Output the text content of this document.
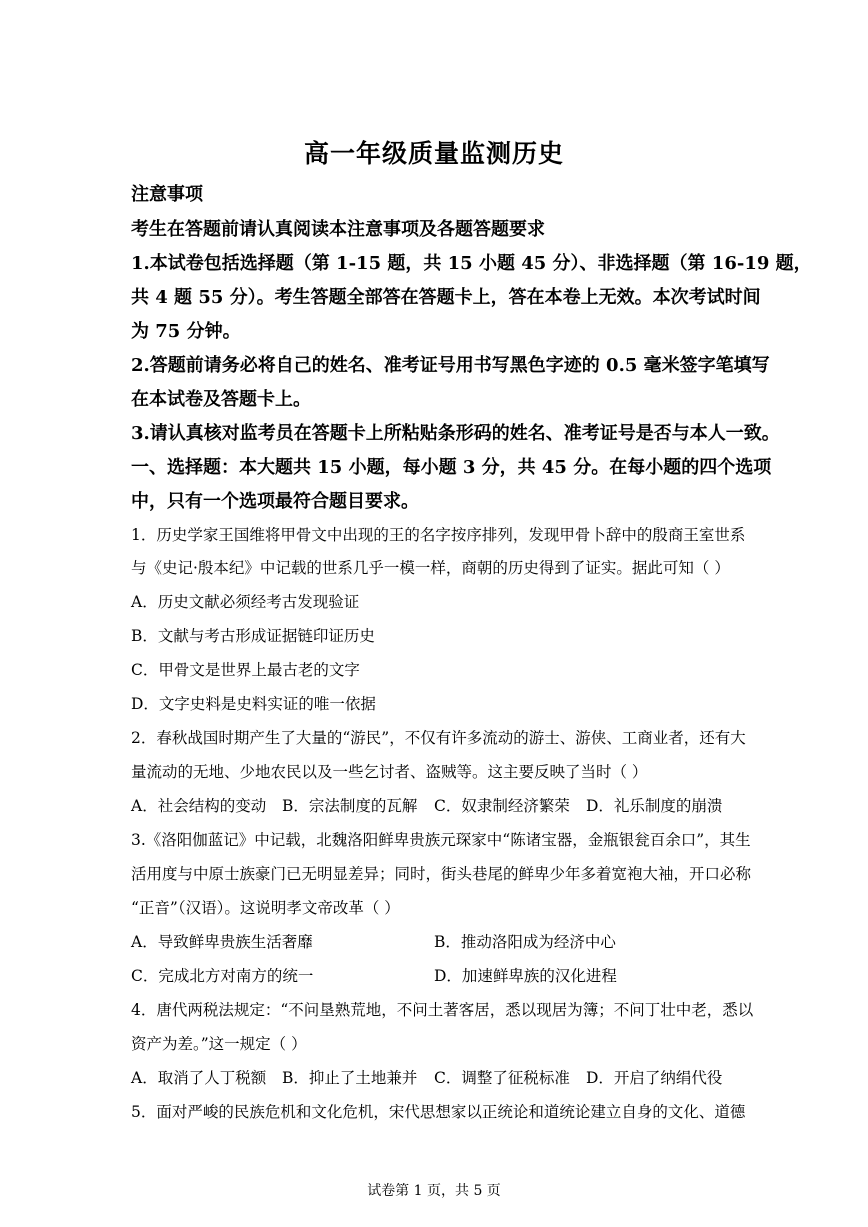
高一年级质量监测历史
注意事项
考生在答题前请认真阅读本注意事项及各题答题要求
1.本试卷包括选择题（第 1-15 题，共 15 小题 45 分）、非选择题（第 16-19 题，
共 4 题 55 分）。考生答题全部答在答题卡上，答在本卷上无效。本次考试时间
为 75 分钟。
2.答题前请务必将自己的姓名、准考证号用书写黑色字迹的 0.5 毫米签字笔填写
在本试卷及答题卡上。
3.请认真核对监考员在答题卡上所粘贴条形码的姓名、准考证号是否与本人一致。
一、选择题：本大题共 15 小题，每小题 3 分，共 45 分。在每小题的四个选项
中，只有一个选项最符合题目要求。
1．历史学家王国维将甲骨文中出现的王的名字按序排列，发现甲骨卜辞中的殷商王室世系
与《史记·殷本纪》中记载的世系几乎一模一样，商朝的历史得到了证实。据此可知（ ）
A．历史文献必须经考古发现验证
B．文献与考古形成证据链印证历史
C．甲骨文是世界上最古老的文字
D．文字史料是史料实证的唯一依据
2．春秋战国时期产生了大量的“游民”，不仅有许多流动的游士、游侠、工商业者，还有大
量流动的无地、少地农民以及一些乞讨者、盗贼等。这主要反映了当时（ ）
A．社会结构的变动 B．宗法制度的瓦解 C．奴隶制经济繁荣 D．礼乐制度的崩溃
3.《洛阳伽蓝记》中记载，北魏洛阳鲜卑贵族元琛家中“陈诸宝器，金瓶银瓮百余口”，其生
活用度与中原士族豪门已无明显差异；同时，街头巷尾的鲜卑少年多着宽袍大袖，开口必称
“正音”（汉语）。这说明孝文帝改革（ ）
A．导致鲜卑贵族生活奢靡	B．推动洛阳成为经济中心
C．完成北方对南方的统一	D．加速鲜卑族的汉化进程
4．唐代两税法规定：“不问垦熟荒地，不问土著客居，悉以现居为簿；不问丁壮中老，悉以
资产为差。”这一规定（ ）
A．取消了人丁税额 B．抑止了土地兼并 C．调整了征税标准 D．开启了纳绢代役
5．面对严峻的民族危机和文化危机，宋代思想家以正统论和道统论建立自身的文化、道德
试卷第 1 页，共 5 页
